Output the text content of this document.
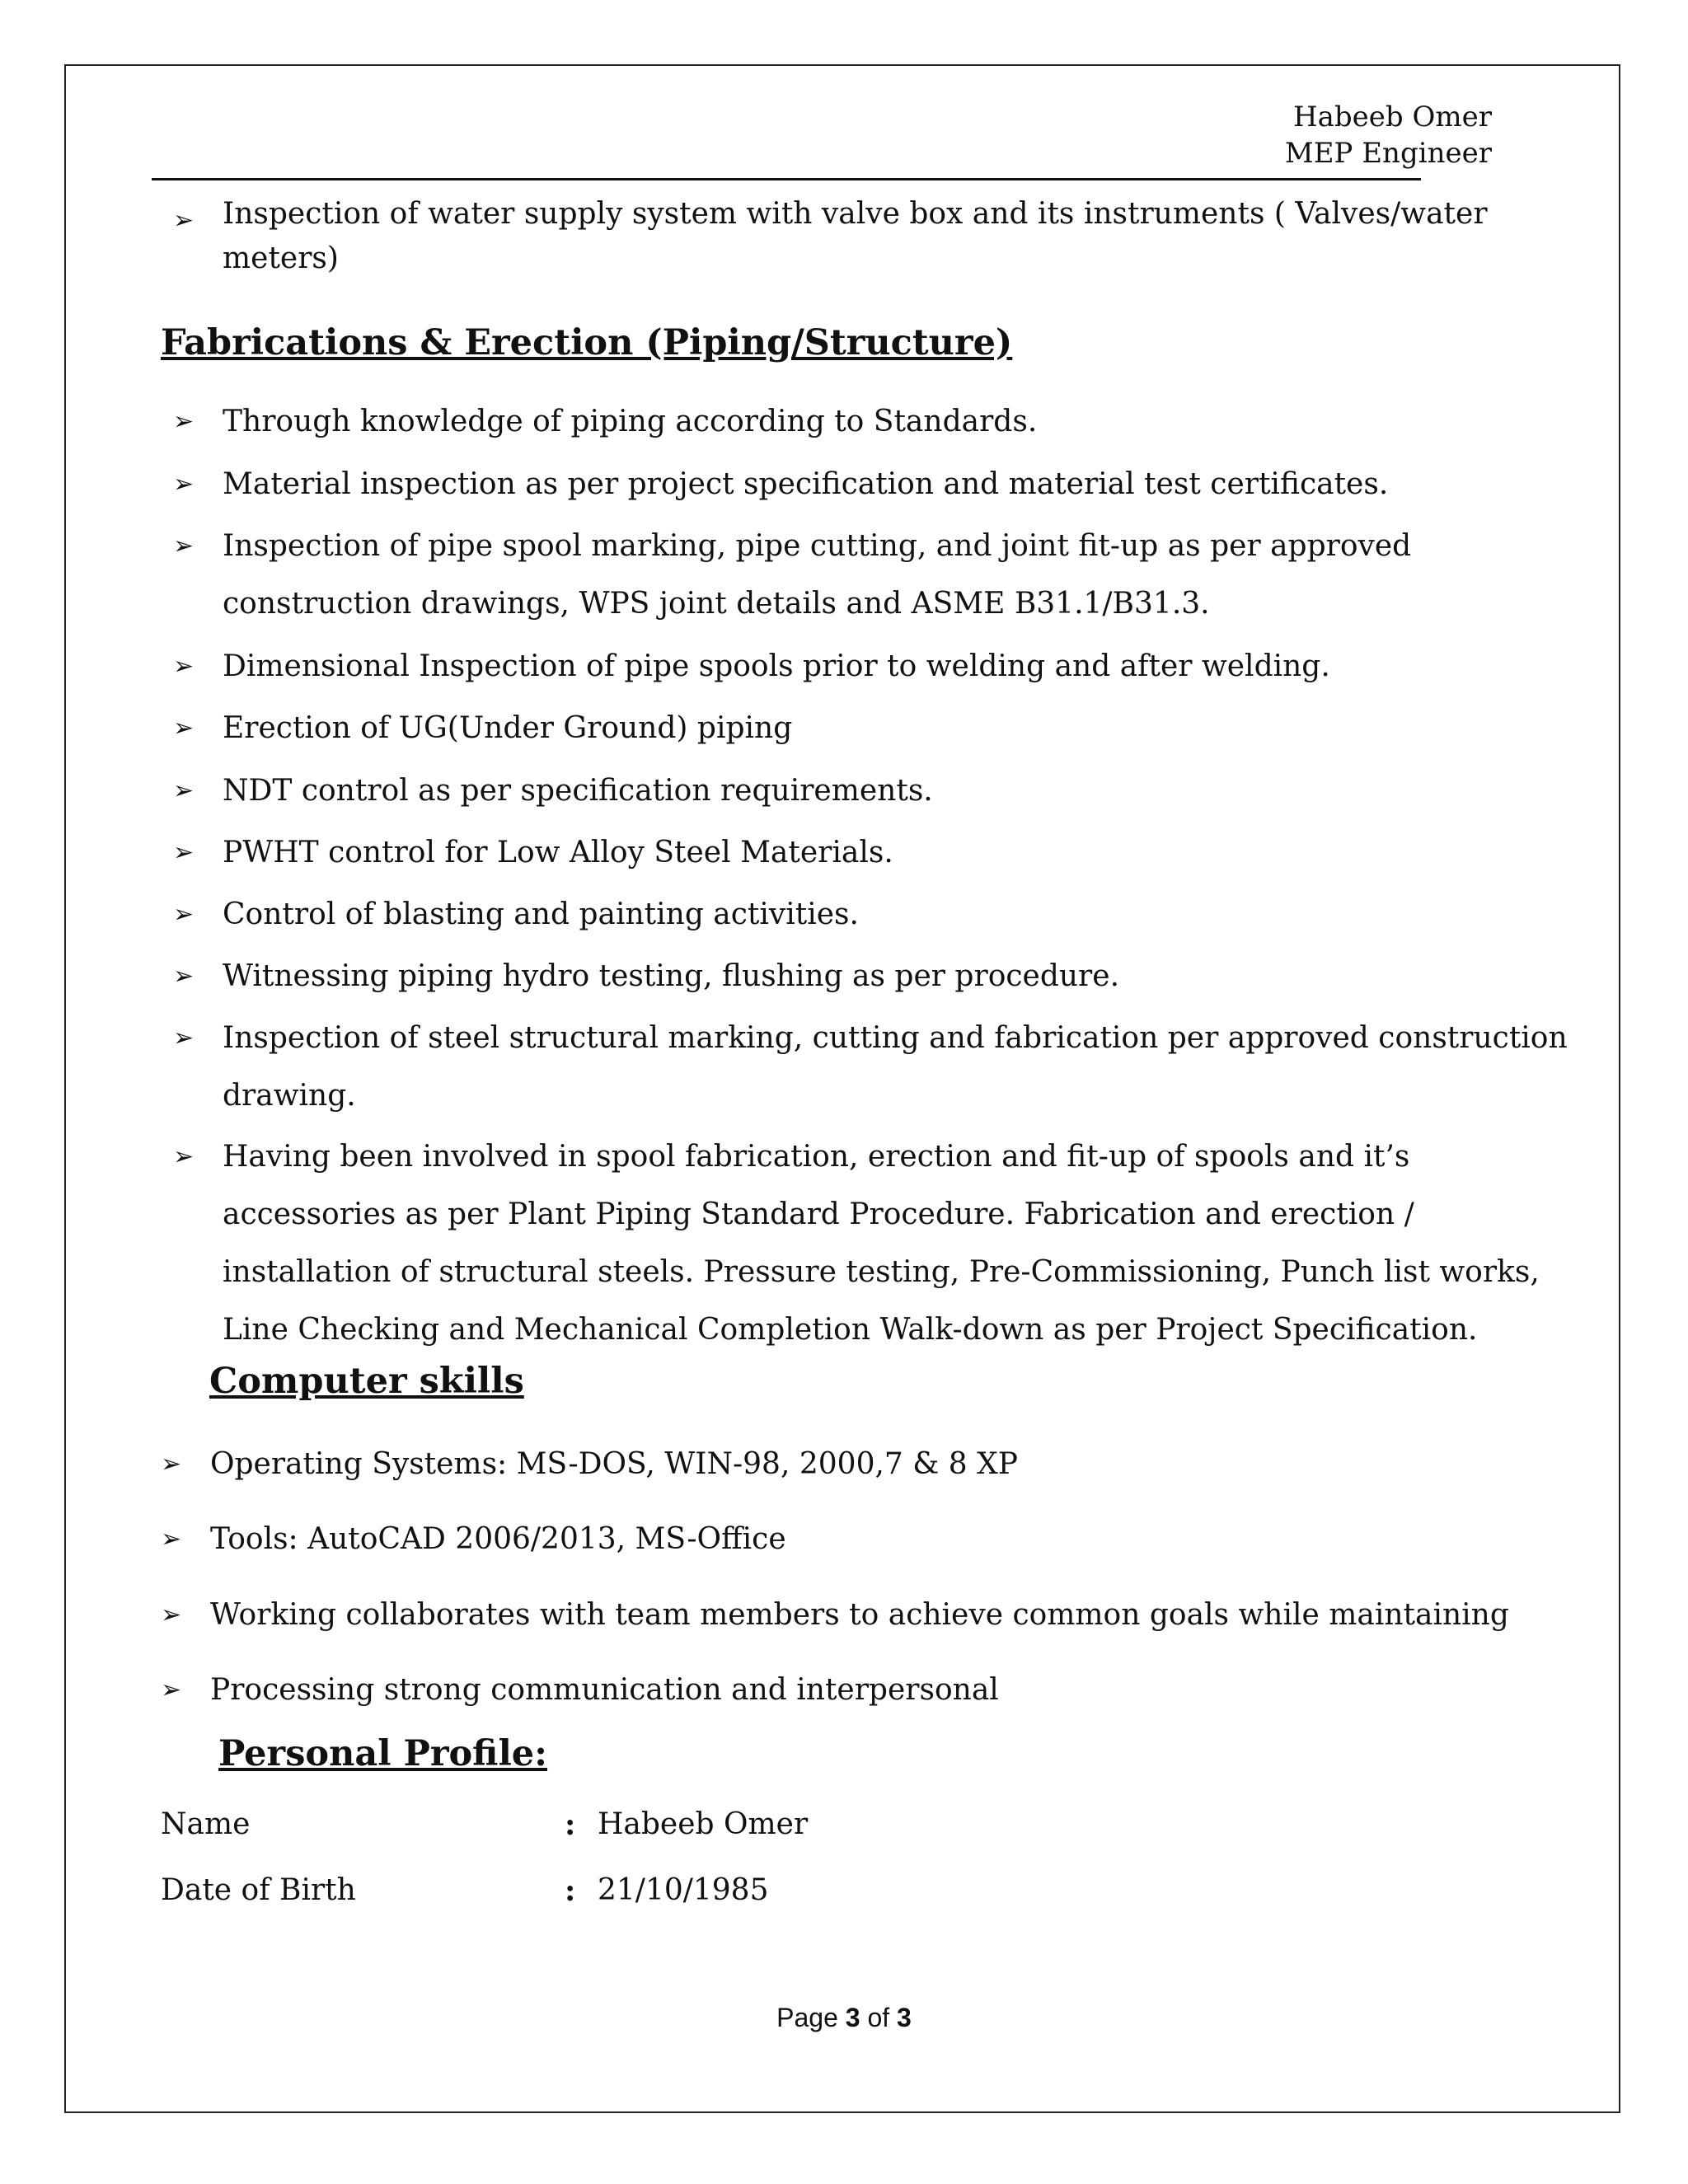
Habeeb Omer
MEP Engineer
➢ Inspection of water supply system with valve box and its instruments ( Valves/water
meters)
Fabrications & Erection (Piping/Structure)
➢ Through knowledge of piping according to Standards.
➢ Material inspection as per project specification and material test certificates.
➢ Inspection of pipe spool marking, pipe cutting, and joint fit-up as per approved
construction drawings, WPS joint details and ASME B31.1/B31.3.
➢ Dimensional Inspection of pipe spools prior to welding and after welding.
➢ Erection of UG(Under Ground) piping
➢ NDT control as per specification requirements.
➢ PWHT control for Low Alloy Steel Materials.
➢ Control of blasting and painting activities.
➢ Witnessing piping hydro testing, flushing as per procedure.
➢ Inspection of steel structural marking, cutting and fabrication per approved construction
drawing.
➢ Having been involved in spool fabrication, erection and fit-up of spools and it’s
accessories as per Plant Piping Standard Procedure. Fabrication and erection /
installation of structural steels. Pressure testing, Pre-Commissioning, Punch list works,
Line Checking and Mechanical Completion Walk-down as per Project Specification.
Computer skills
➢ Operating Systems: MS-DOS, WIN-98, 2000,7 & 8 XP
➢ Tools: AutoCAD 2006/2013, MS-Office
➢ Working collaborates with team members to achieve common goals while maintaining
➢ Processing strong communication and interpersonal
Personal Profile:
Name	: Habeeb Omer
Date of Birth	: 21/10/1985
Page 3 of 3
